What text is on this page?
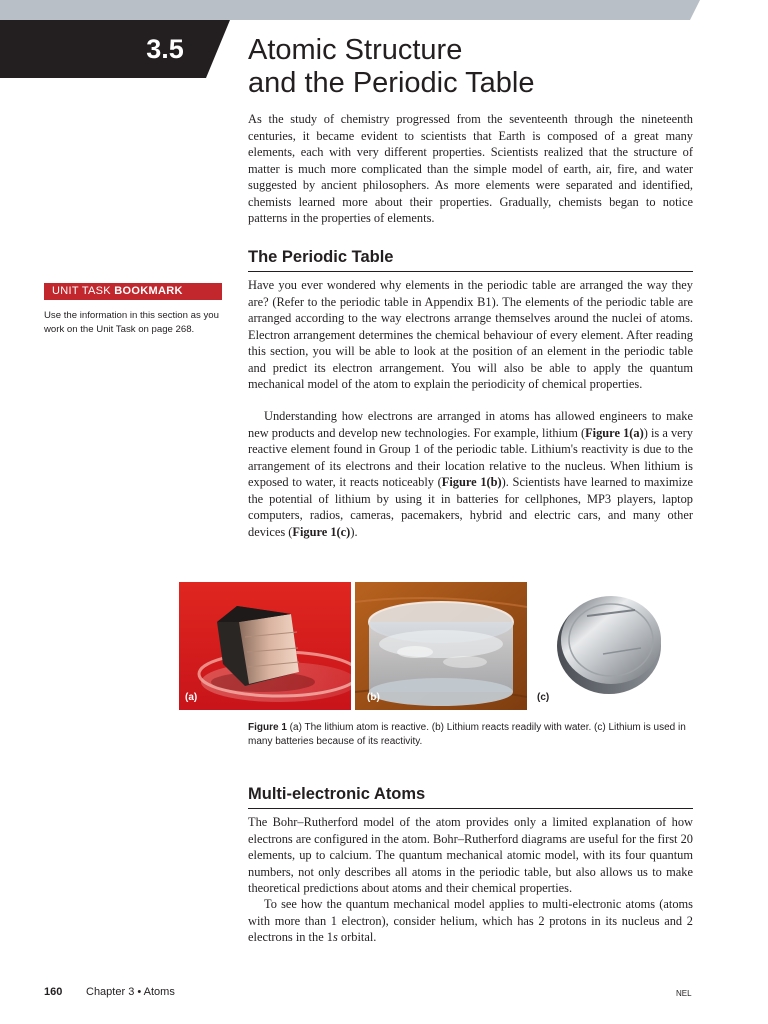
3.5	Atomic Structure
and the Periodic Table

As the study of chemistry progressed from the seventeenth through the nineteenth centuries, it became evident to scientists that Earth is composed of a great many elements, each with very different properties. Scientists realized that the structure of matter is much more complicated than the simple model of earth, air, fire, and water suggested by ancient philosophers. As more elements were separated and identified, chemists learned more about their properties. Gradually, chemists began to notice patterns in the properties of elements.

The Periodic Table
UNIT TASK BOOKMARK

Use the information in this section as you work on the Unit Task on page 268.

Have you ever wondered why elements in the periodic table are arranged the way they are? (Refer to the periodic table in Appendix B1). The elements of the periodic table are arranged according to the way electrons arrange themselves around the nuclei of atoms. Electron arrangement determines the chemical behaviour of every element. After reading this section, you will be able to look at the position of an element in the periodic table and predict its electron arrangement. You will also be able to apply the quantum mechanical model of the atom to explain the periodicity of chemical properties.

Understanding how electrons are arranged in atoms has allowed engineers to make new products and develop new technologies. For example, lithium (Figure 1(a)) is a very reactive element found in Group 1 of the periodic table. Lithium's reactivity is due to the arrangement of its electrons and their location relative to the nucleus. When lithium is exposed to water, it reacts noticeably (Figure 1(b)). Scientists have learned to maximize the potential of lithium by using it in batteries for cellphones, MP3 players, laptop computers, radios, cameras, pacemakers, hybrid and electric cars, and many other devices (Figure 1(c)).

(a)	(b)	(c)

Figure 1 (a) The lithium atom is reactive. (b) Lithium reacts readily with water. (c) Lithium is used in many batteries because of its reactivity.

Multi-electronic Atoms

The Bohr–Rutherford model of the atom provides only a limited explanation of how electrons are configured in the atom. Bohr–Rutherford diagrams are useful for the first 20 elements, up to calcium. The quantum mechanical atomic model, with its four quantum numbers, not only describes all atoms in the periodic table, but also allows us to make theoretical predictions about atoms and their chemical properties.

To see how the quantum mechanical model applies to multi-electronic atoms (atoms with more than 1 electron), consider helium, which has 2 protons in its nucleus and 2 electrons in the 1s orbital.

160 Chapter 3 • Atoms	NEL
